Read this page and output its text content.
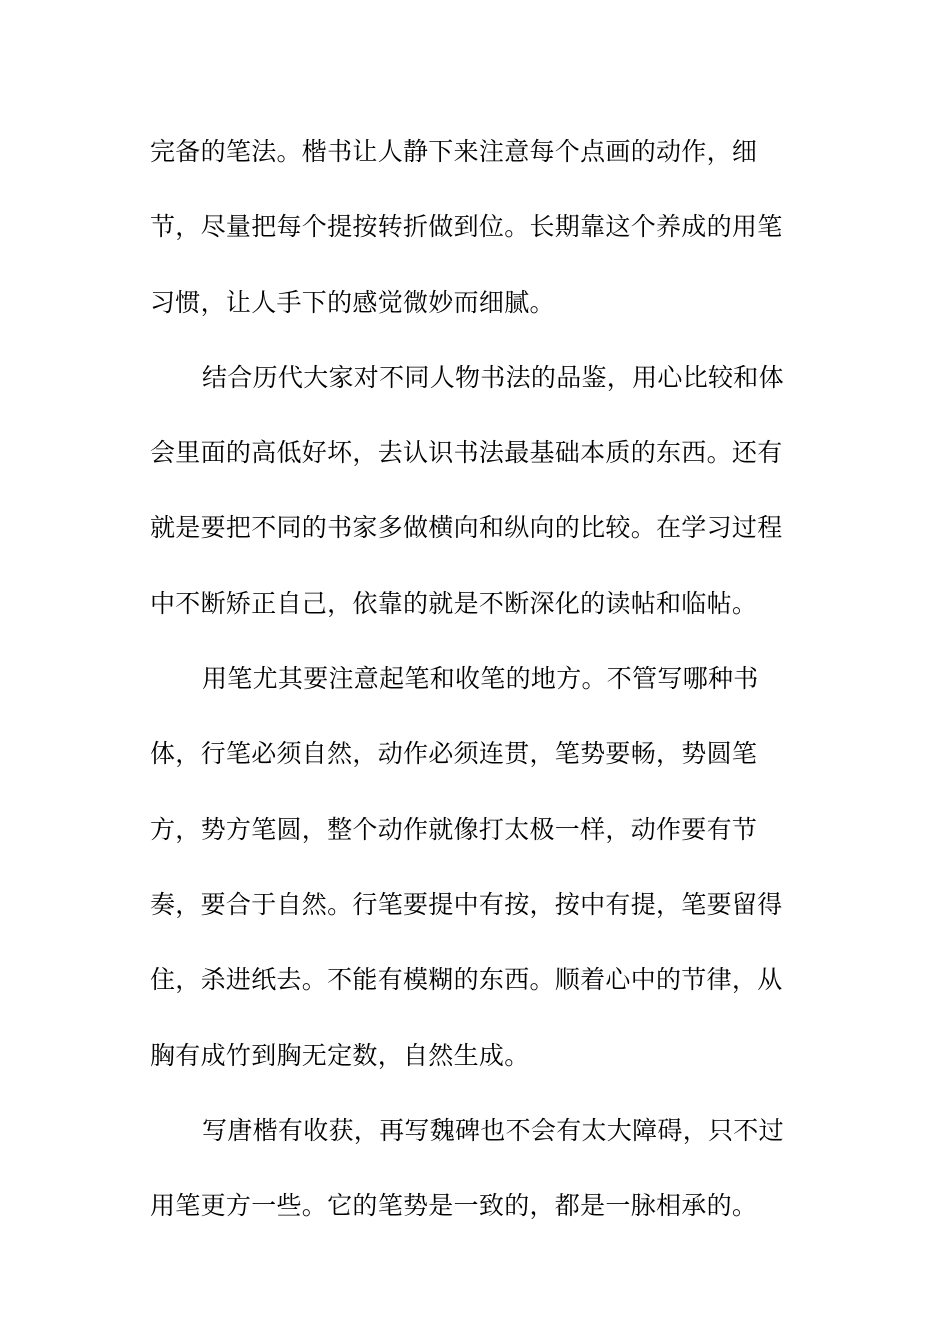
完备的笔法。楷书让人静下来注意每个点画的动作，细
节，尽量把每个提按转折做到位。长期靠这个养成的用笔
习惯，让人手下的感觉微妙而细腻。
结合历代大家对不同人物书法的品鉴，用心比较和体
会里面的高低好坏，去认识书法最基础本质的东西。还有
就是要把不同的书家多做横向和纵向的比较。在学习过程
中不断矫正自己，依靠的就是不断深化的读帖和临帖。
用笔尤其要注意起笔和收笔的地方。不管写哪种书
体，行笔必须自然，动作必须连贯，笔势要畅，势圆笔
方，势方笔圆，整个动作就像打太极一样，动作要有节
奏，要合于自然。行笔要提中有按，按中有提，笔要留得
住，杀进纸去。不能有模糊的东西。顺着心中的节律，从
胸有成竹到胸无定数，自然生成。
写唐楷有收获，再写魏碑也不会有太大障碍，只不过
用笔更方一些。它的笔势是一致的，都是一脉相承的。
